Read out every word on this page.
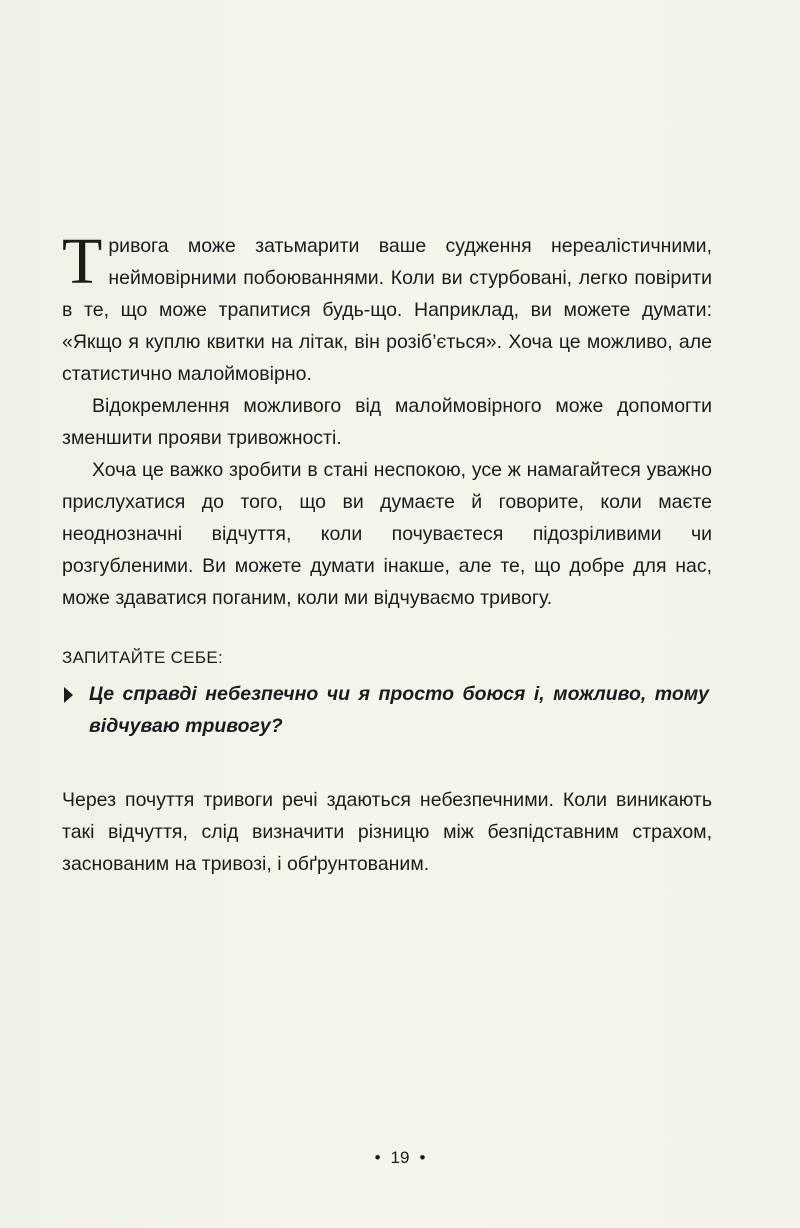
Тривога може затьмарити ваше судження нереалістичними, неймовірними побоюваннями. Коли ви стурбовані, легко повірити в те, що може трапитися будь-що. Наприклад, ви можете думати: «Якщо я куплю квитки на літак, він розіб’ється». Хоча це можливо, але статистично малоймовірно.

Відокремлення можливого від малоймовірного може допомогти зменшити прояви тривожності.

Хоча це важко зробити в стані неспокою, усе ж намагайтеся уважно прислухатися до того, що ви думаєте й говорите, коли маєте неоднозначні відчуття, коли почуваєтеся підозріливими чи розгубленими. Ви можете думати інакше, але те, що добре для нас, може здаватися поганим, коли ми відчуваємо тривогу.

ЗАПИТАЙТЕ СЕБЕ:
Це справді небезпечно чи я просто боюся і, можливо, тому відчуваю тривогу?

Через почуття тривоги речі здаються небезпечними. Коли виникають такі відчуття, слід визначити різницю між безпідставним страхом, заснованим на тривозі, і обґрунтованим.

• 19 •
